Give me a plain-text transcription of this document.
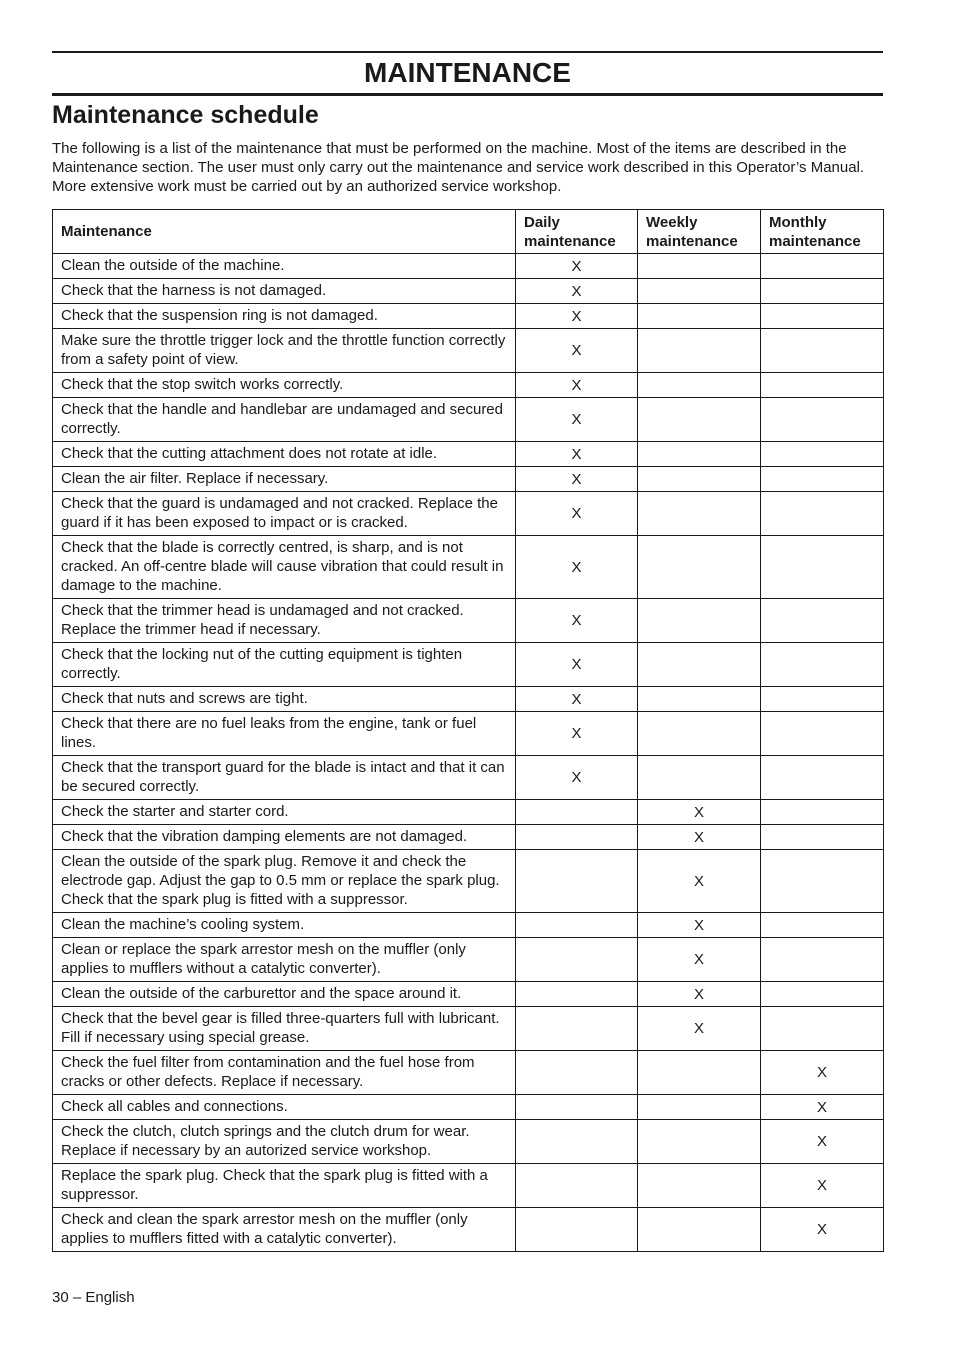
MAINTENANCE
Maintenance schedule

The following is a list of the maintenance that must be performed on the machine. Most of the items are described in the Maintenance section. The user must only carry out the maintenance and service work described in this Operator’s Manual. More extensive work must be carried out by an authorized service workshop.

Maintenance	Daily maintenance	Weekly maintenance	Monthly maintenance
Clean the outside of the machine.	X		
Check that the harness is not damaged.	X		
Check that the suspension ring is not damaged.	X		
Make sure the throttle trigger lock and the throttle function correctly from a safety point of view.	X		
Check that the stop switch works correctly.	X		
Check that the handle and handlebar are undamaged and secured correctly.	X		
Check that the cutting attachment does not rotate at idle.	X		
Clean the air filter. Replace if necessary.	X		
Check that the guard is undamaged and not cracked. Replace the guard if it has been exposed to impact or is cracked.	X		
Check that the blade is correctly centred, is sharp, and is not cracked. An off-centre blade will cause vibration that could result in damage to the machine.	X		
Check that the trimmer head is undamaged and not cracked. Replace the trimmer head if necessary.	X		
Check that the locking nut of the cutting equipment is tighten correctly.	X		
Check that nuts and screws are tight.	X		
Check that there are no fuel leaks from the engine, tank or fuel lines.	X		
Check that the transport guard for the blade is intact and that it can be secured correctly.	X		
Check the starter and starter cord.		X	
Check that the vibration damping elements are not damaged.		X	
Clean the outside of the spark plug. Remove it and check the electrode gap. Adjust the gap to 0.5 mm or replace the spark plug. Check that the spark plug is fitted with a suppressor.		X	
Clean the machine’s cooling system.		X	
Clean or replace the spark arrestor mesh on the muffler (only applies to mufflers without a catalytic converter).		X	
Clean the outside of the carburettor and the space around it.		X	
Check that the bevel gear is filled three-quarters full with lubricant. Fill if necessary using special grease.		X	
Check the fuel filter from contamination and the fuel hose from cracks or other defects. Replace if necessary.			X
Check all cables and connections.			X
Check the clutch, clutch springs and the clutch drum for wear. Replace if necessary by an autorized service workshop.			X
Replace the spark plug. Check that the spark plug is fitted with a suppressor.			X
Check and clean the spark arrestor mesh on the muffler (only applies to mufflers fitted with a catalytic converter).			X

30 – English
